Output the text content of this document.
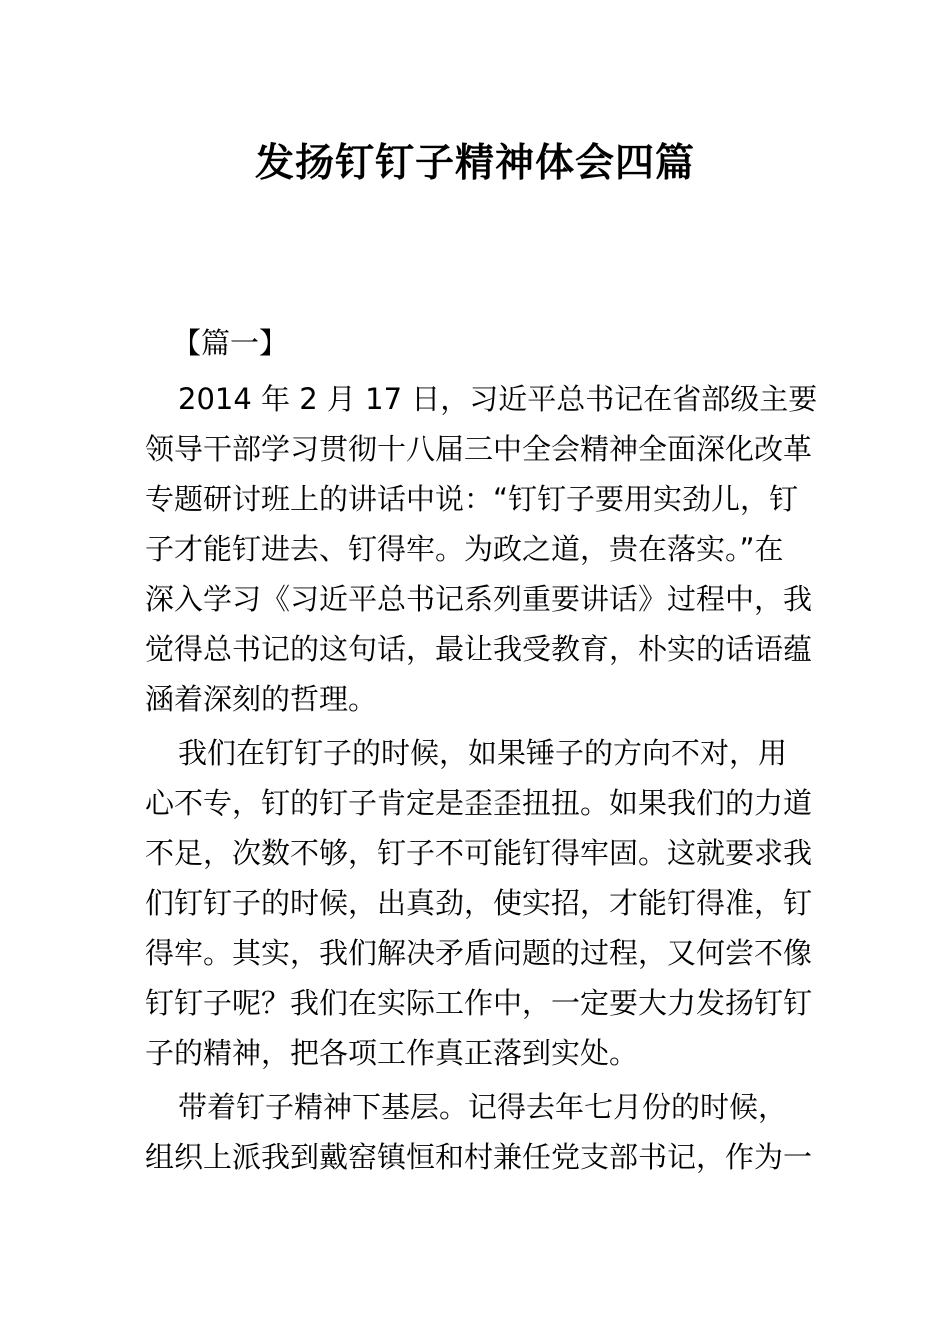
发扬钉钉子精神体会四篇

【篇一】

2014 年 2 月 17 日，习近平总书记在省部级主要

领导干部学习贯彻十八届三中全会精神全面深化改革

专题研讨班上的讲话中说：“钉钉子要用实劲儿，钉

子才能钉进去、钉得牢。为政之道，贵在落实。”在

深入学习《习近平总书记系列重要讲话》过程中，我

觉得总书记的这句话，最让我受教育，朴实的话语蕴

涵着深刻的哲理。

我们在钉钉子的时候，如果锤子的方向不对，用

心不专，钉的钉子肯定是歪歪扭扭。如果我们的力道

不足，次数不够，钉子不可能钉得牢固。这就要求我

们钉钉子的时候，出真劲，使实招，才能钉得准，钉

得牢。其实，我们解决矛盾问题的过程，又何尝不像

钉钉子呢？我们在实际工作中，一定要大力发扬钉钉

子的精神，把各项工作真正落到实处。

带着钉子精神下基层。记得去年七月份的时候，

组织上派我到戴窑镇恒和村兼任党支部书记，作为一
